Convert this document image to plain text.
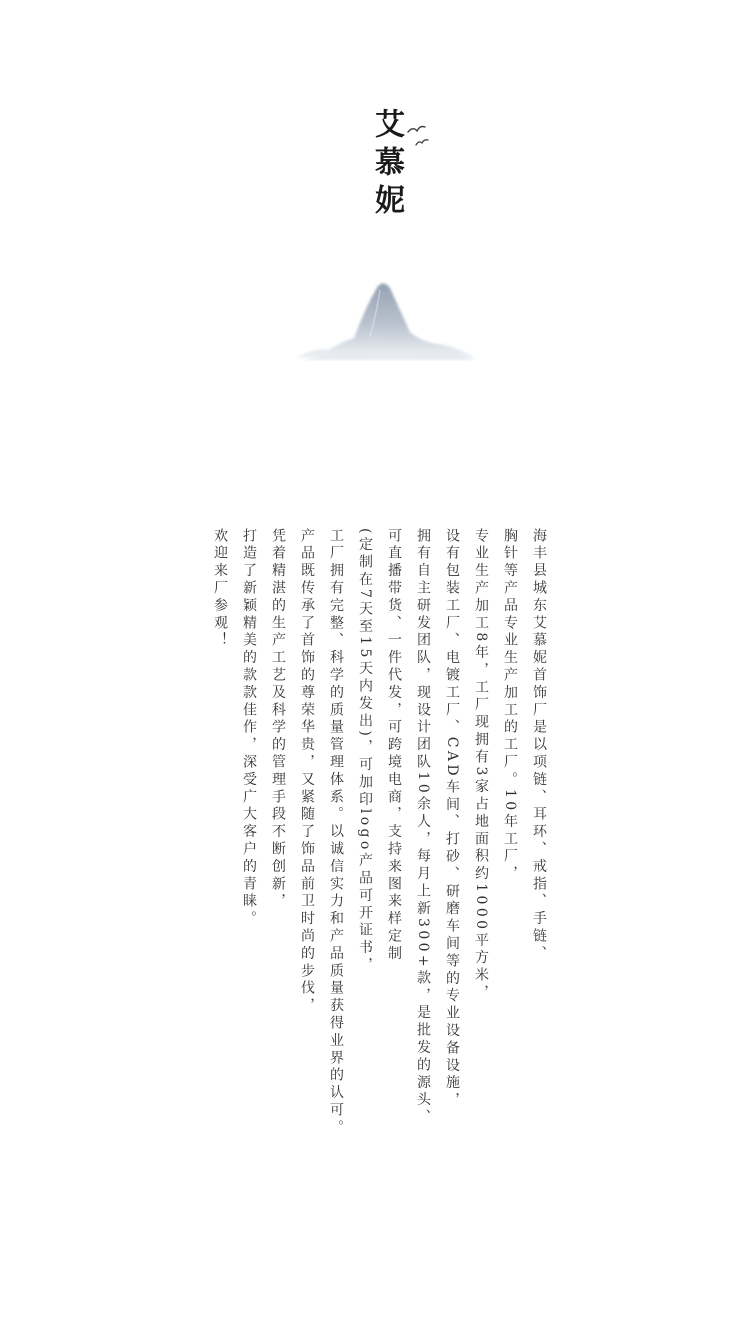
艾慕妮

海丰县城东艾慕妮首饰厂是以项链、耳环、戒指、手链、

胸针等产品专业生产加工的工厂。10年工厂，

专业生产加工8年，工厂现拥有3家占地面积约1000平方米，

设有包装工厂、电镀工厂、CAD车间、打砂、研磨车间等的专业设备设施，

拥有自主研发团队，现设计团队10余人，每月上新300+款，是批发的源头、

可直播带货、一件代发，可跨境电商，支持来图来样定制

(定制在7天至15天内发出)，可加印logo产品可开证书，

工厂拥有完整、科学的质量管理体系。以诚信实力和产品质量获得业界的认可。

产品既传承了首饰的尊荣华贵，又紧随了饰品前卫时尚的步伐，

凭着精湛的生产工艺及科学的管理手段不断创新，

打造了新颖精美的款款佳作，深受广大客户的青睐。

欢迎来厂参观！
